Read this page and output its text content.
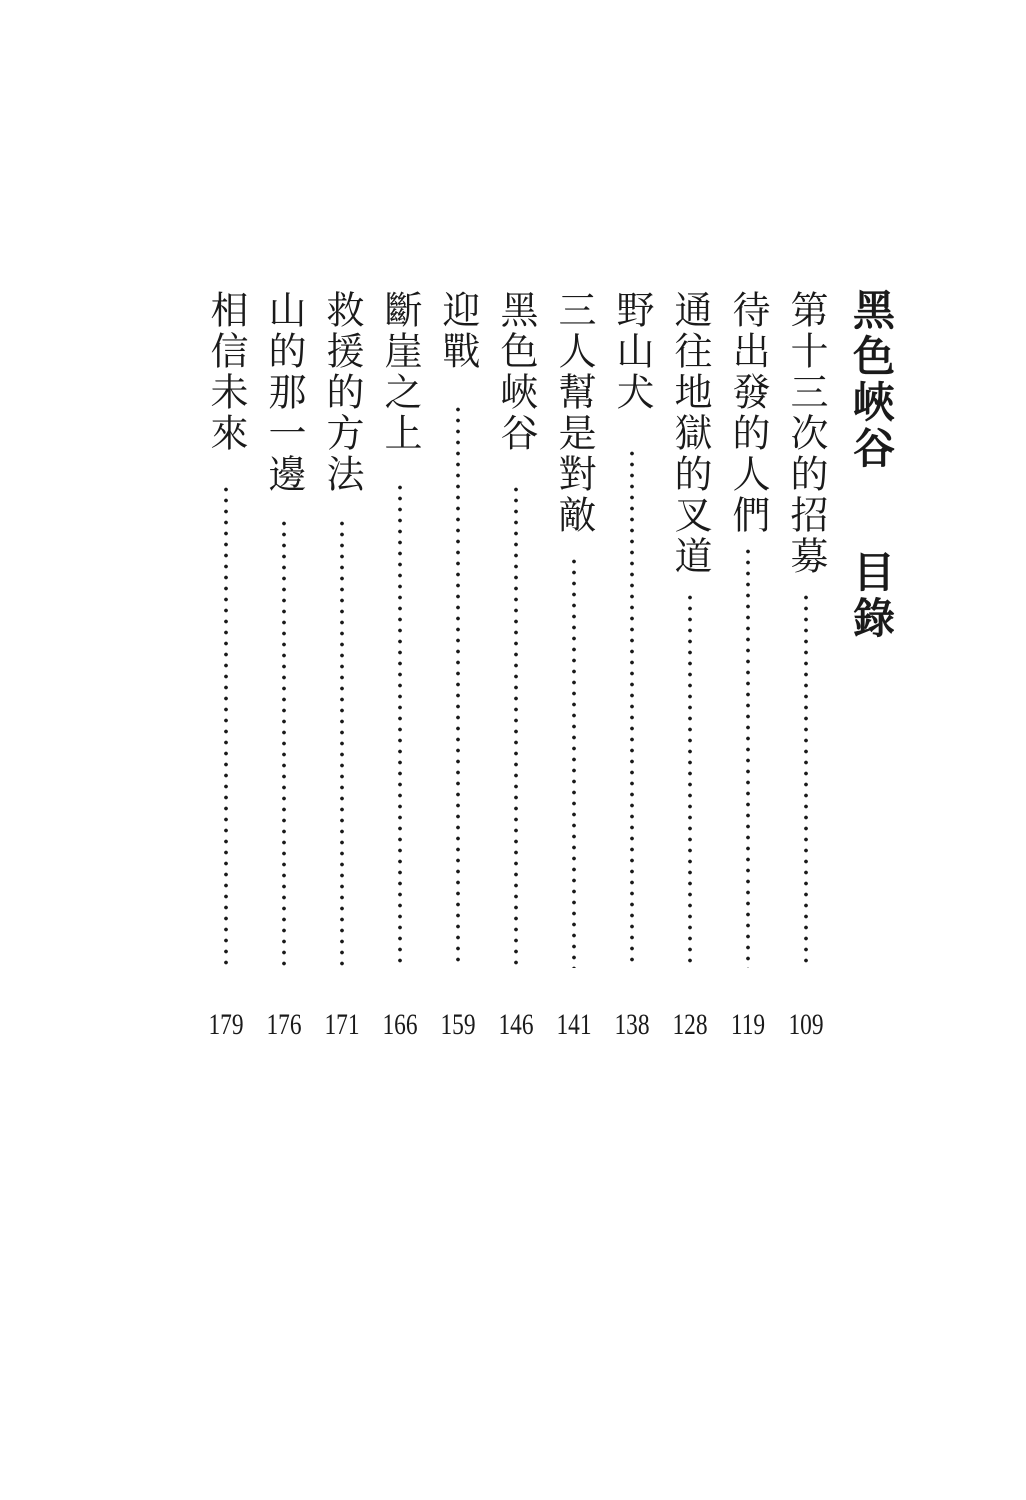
黑色峽谷
目錄
第十三次的招募
109
待出發的人們
119
通往地獄的叉道
128
野山犬
138
三人幫是對敵
141
黑色峽谷
146
迎戰
159
斷崖之上
166
救援的方法
171
山的那一邊
176
相信未來
179
